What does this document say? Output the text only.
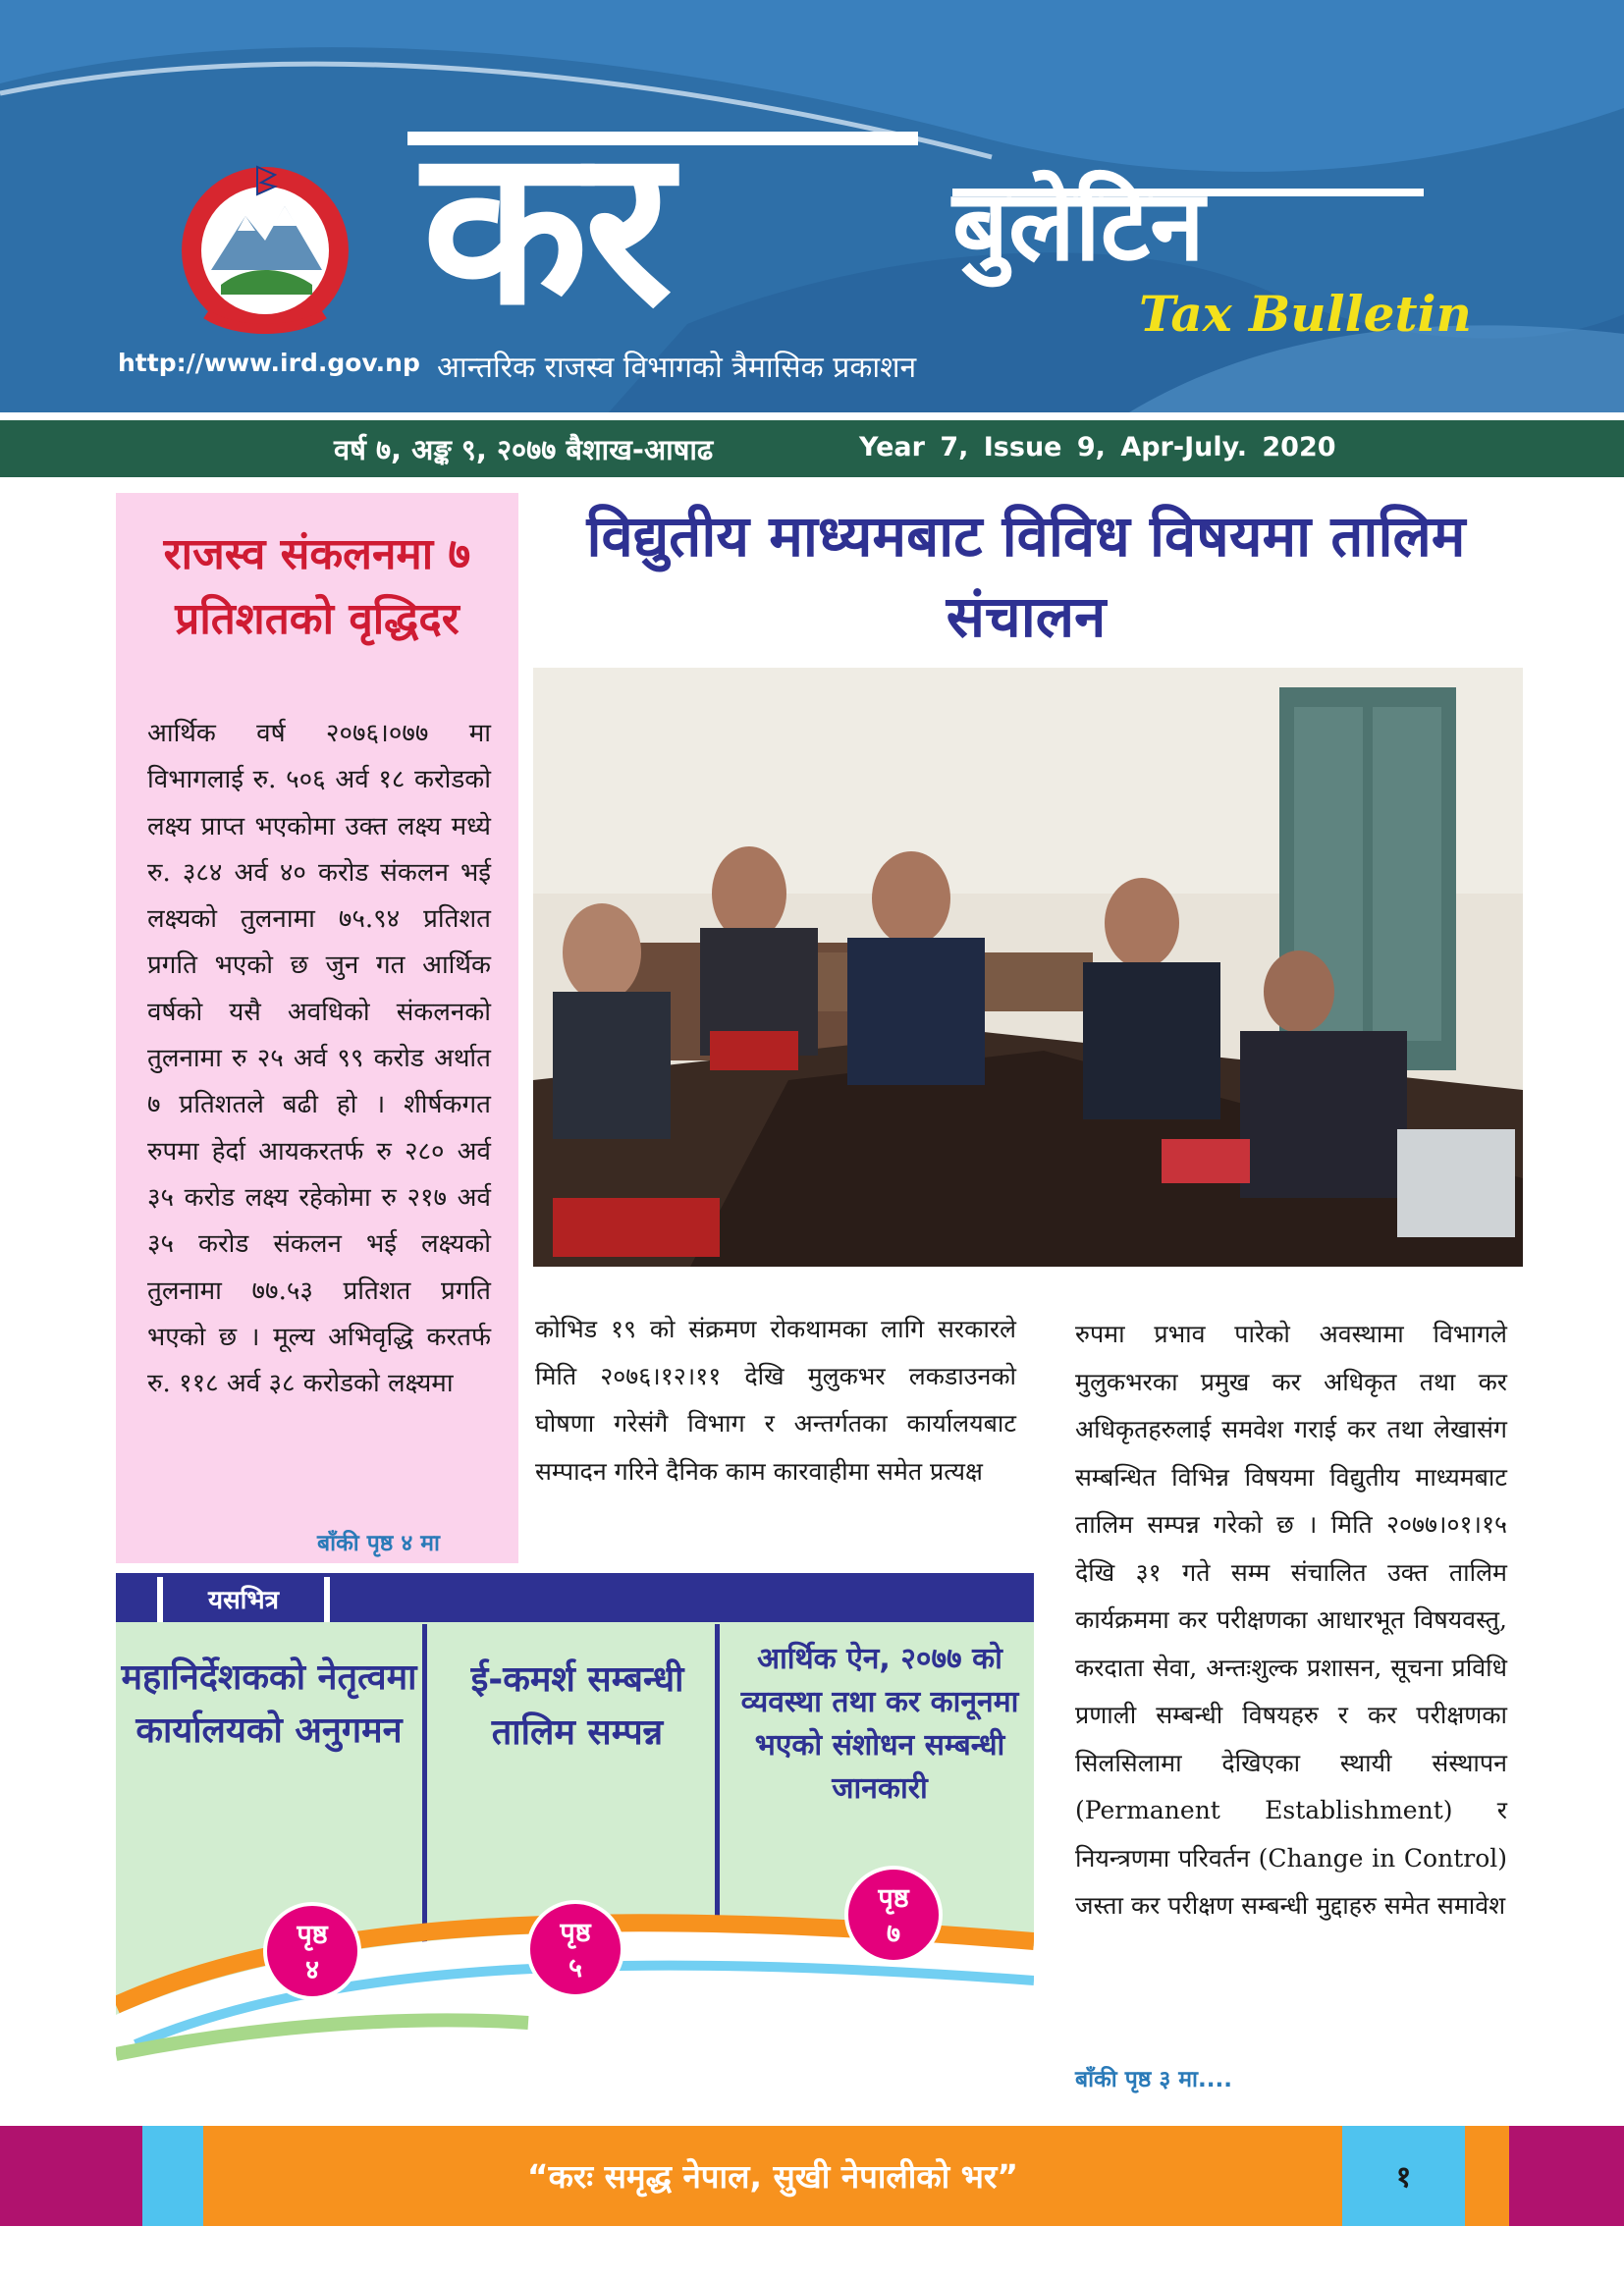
कर	बुलेटिन
Tax Bulletin
http://www.ird.gov.np आन्तरिक राजस्व विभागको त्रैमासिक प्रकाशन
वर्ष ७, अङ्क ९, २०७७ बैशाख-आषाढ	Year 7, Issue 9, Apr-July. 2020
राजस्व संकलनमा ७ प्रतिशतको वृद्धिदर
आर्थिक वर्ष २०७६।०७७ मा विभागलाई रु. ५०६ अर्व १८ करोडको लक्ष्य प्राप्त भएकोमा उक्त लक्ष्य मध्ये रु. ३८४ अर्व ४० करोड संकलन भई लक्ष्यको तुलनामा ७५.९४ प्रतिशत प्रगति भएको छ जुन गत आर्थिक वर्षको यसै अवधिको संकलनको तुलनामा रु २५ अर्व ९९ करोड अर्थात ७ प्रतिशतले बढी हो । शीर्षकगत रुपमा हेर्दा आयकरतर्फ रु २८० अर्व ३५ करोड लक्ष्य रहेकोमा रु २१७ अर्व ३५ करोड संकलन भई लक्ष्यको तुलनामा ७७.५३ प्रतिशत प्रगति भएको छ । मूल्य अभिवृद्धि करतर्फ रु. ११८ अर्व ३८ करोडको लक्ष्यमा
बाँकी पृष्ठ ४ मा
विद्युतीय माध्यमबाट विविध विषयमा तालिम संचालन
कोभिड १९ को संक्रमण रोकथामका लागि सरकारले मिति २०७६।१२।११ देखि मुलुकभर लकडाउनको घोषणा गरेसंगै विभाग र अन्तर्गतका कार्यालयबाट सम्पादन गरिने दैनिक काम कारवाहीमा समेत प्रत्यक्ष
रुपमा प्रभाव पारेको अवस्थामा विभागले मुलुकभरका प्रमुख कर अधिकृत तथा कर अधिकृतहरुलाई समवेश गराई कर तथा लेखासंग सम्बन्धित विभिन्न विषयमा विद्युतीय माध्यमबाट तालिम सम्पन्न गरेको छ । मिति २०७७।०१।१५ देखि ३१ गते सम्म संचालित उक्त तालिम कार्यक्रममा कर परीक्षणका आधारभूत विषयवस्तु, करदाता सेवा, अन्तःशुल्क प्रशासन, सूचना प्रविधि प्रणाली सम्बन्धी विषयहरु र कर परीक्षणका सिलसिलामा देखिएका स्थायी संस्थापन (Permanent Establishment) र नियन्त्रणमा परिवर्तन (Change in Control) जस्ता कर परीक्षण सम्बन्धी मुद्दाहरु समेत समावेश
बाँकी पृष्ठ ३ मा....
यसभित्र
महानिर्देशकको नेतृत्वमा कार्यालयको अनुगमन
ई-कमर्श सम्बन्धी तालिम सम्पन्न
आर्थिक ऐन, २०७७ को व्यवस्था तथा कर कानूनमा भएको संशोधन सम्बन्धी जानकारी
पृष्ठ
४
पृष्ठ
५
पृष्ठ
७
“करः समृद्ध नेपाल, सुखी नेपालीको भर”	१
